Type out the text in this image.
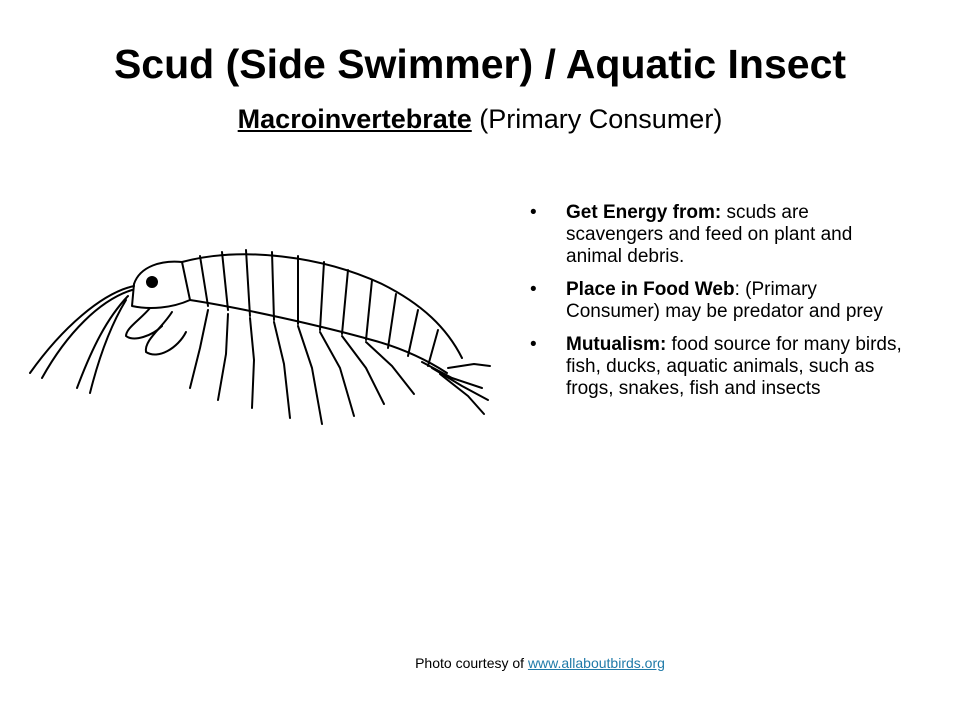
Scud (Side Swimmer) / Aquatic Insect
Macroinvertebrate (Primary Consumer)
• Get Energy from: scuds are scavengers and feed on plant and animal debris.
• Place in Food Web: (Primary Consumer) may be predator and prey
• Mutualism: food source for many birds, fish, ducks, aquatic animals, such as frogs, snakes, fish and insects
Photo courtesy of www.allaboutbirds.org
